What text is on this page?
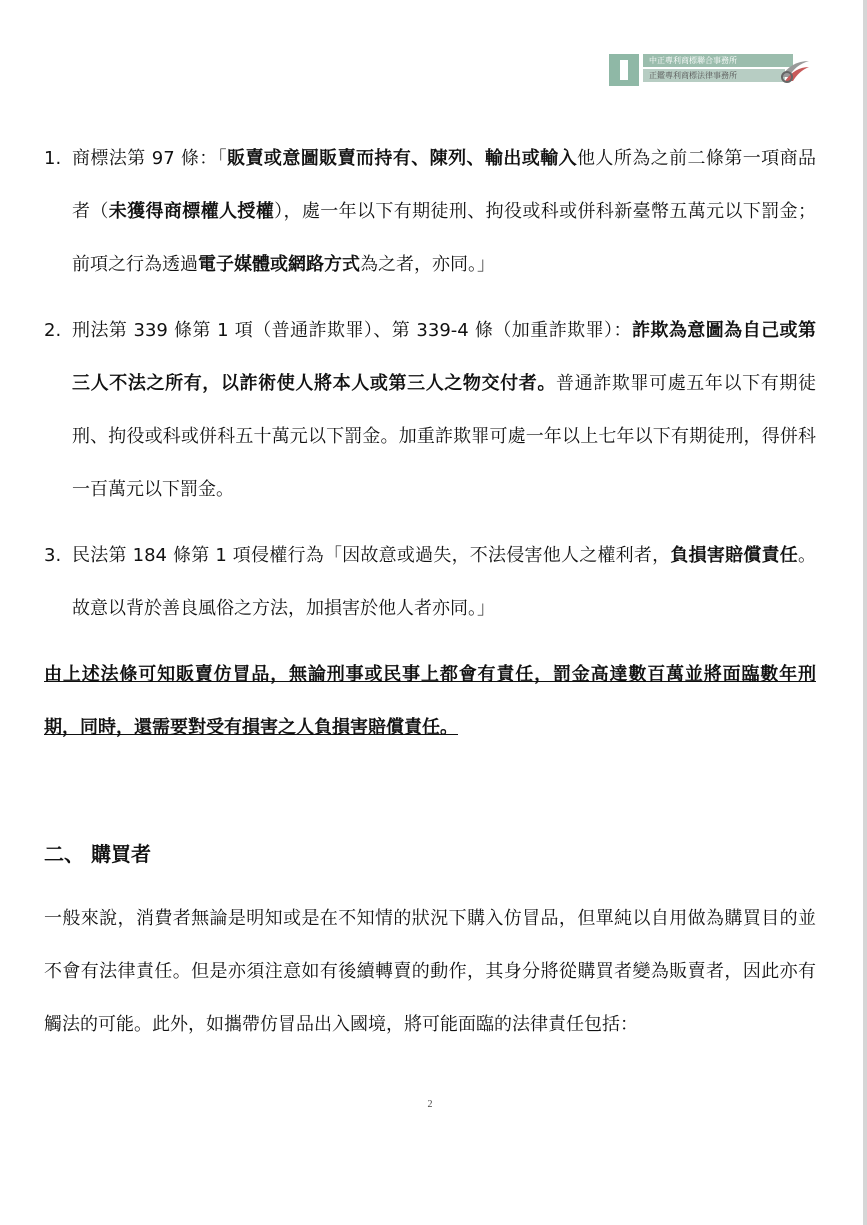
中正專利商標聯合事務所
正鑑專利商標法律事務所
1. 商標法第 97 條：「販賣或意圖販賣而持有、陳列、輸出或輸入他人所為之前二條第一項商品者（未獲得商標權人授權），處一年以下有期徒刑、拘役或科或併科新臺幣五萬元以下罰金；前項之行為透過電子媒體或網路方式為之者，亦同。」
2. 刑法第 339 條第 1 項（普通詐欺罪）、第 339-4 條（加重詐欺罪）：詐欺為意圖為自己或第三人不法之所有，以詐術使人將本人或第三人之物交付者。普通詐欺罪可處五年以下有期徒刑、拘役或科或併科五十萬元以下罰金。加重詐欺罪可處一年以上七年以下有期徒刑，得併科一百萬元以下罰金。
3. 民法第 184 條第 1 項侵權行為「因故意或過失，不法侵害他人之權利者，負損害賠償責任。故意以背於善良風俗之方法，加損害於他人者亦同。」
由上述法條可知販賣仿冒品，無論刑事或民事上都會有責任，罰金高達數百萬並將面臨數年刑期，同時，還需要對受有損害之人負損害賠償責任。
二、 購買者
一般來說，消費者無論是明知或是在不知情的狀況下購入仿冒品，但單純以自用做為購買目的並不會有法律責任。但是亦須注意如有後續轉賣的動作，其身分將從購買者變為販賣者，因此亦有觸法的可能。此外，如攜帶仿冒品出入國境，將可能面臨的法律責任包括：
2
